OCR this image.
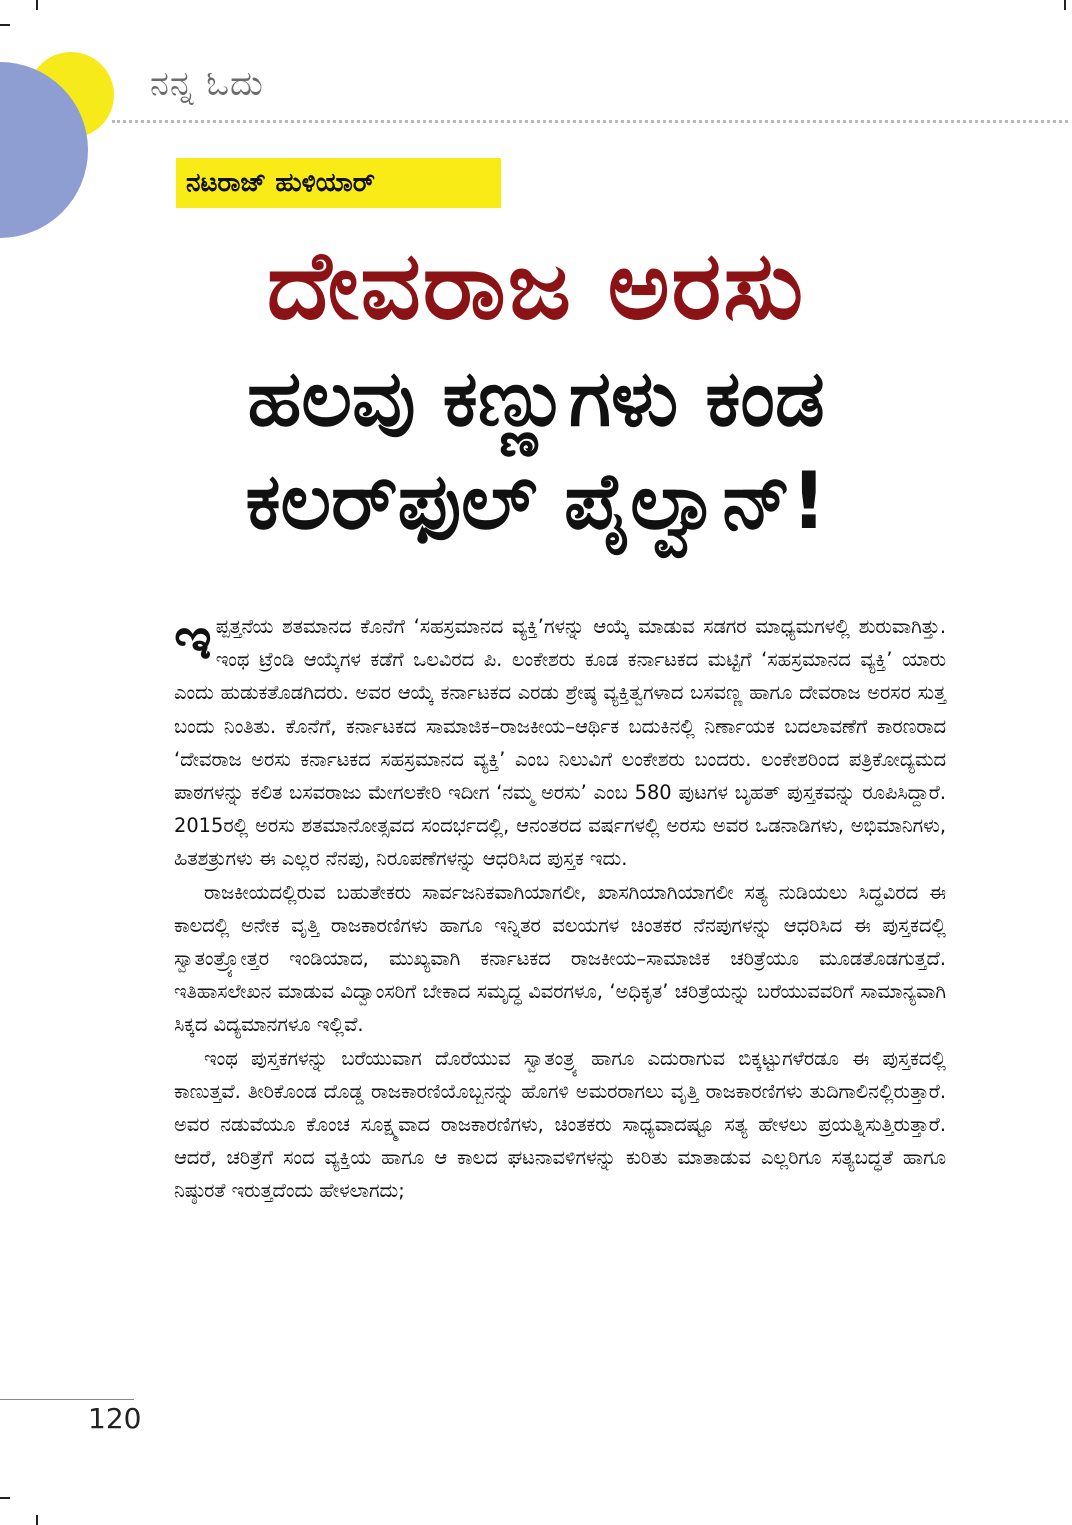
ನನ್ನ ಓದು
ನಟರಾಜ್ ಹುಳಿಯಾರ್
ದೇವರಾಜ ಅರಸು
ಹಲವು ಕಣ್ಣುಗಳು ಕಂಡ
ಕಲರ್‌ಫುಲ್ ಪೈಲ್ವಾನ್!

ಇಪ್ಪತ್ತನೆಯ ಶತಮಾನದ ಕೊನೆಗೆ ‘ಸಹಸ್ರಮಾನದ ವ್ಯಕ್ತಿ’ಗಳನ್ನು ಆಯ್ಕೆ ಮಾಡುವ ಸಡಗರ ಮಾಧ್ಯಮಗಳಲ್ಲಿ ಶುರುವಾಗಿತ್ತು. ಇಂಥ ಟ್ರೆಂಡಿ ಆಯ್ಕೆಗಳ ಕಡೆಗೆ ಒಲವಿರದ ಪಿ. ಲಂಕೇಶರು ಕೂಡ ಕರ್ನಾಟಕದ ಮಟ್ಟಿಗೆ ‘ಸಹಸ್ರಮಾನದ ವ್ಯಕ್ತಿ’ ಯಾರು ಎಂದು ಹುಡುಕತೊಡಗಿದರು. ಅವರ ಆಯ್ಕೆ ಕರ್ನಾಟಕದ ಎರಡು ಶ್ರೇಷ್ಠ ವ್ಯಕ್ತಿತ್ವಗಳಾದ ಬಸವಣ್ಣ ಹಾಗೂ ದೇವರಾಜ ಅರಸರ ಸುತ್ತ ಬಂದು ನಿಂತಿತು. ಕೊನೆಗೆ, ಕರ್ನಾಟಕದ ಸಾಮಾಜಿಕ–ರಾಜಕೀಯ–ಆರ್ಥಿಕ ಬದುಕಿನಲ್ಲಿ ನಿರ್ಣಾಯಕ ಬದಲಾವಣೆಗೆ ಕಾರಣರಾದ ‘ದೇವರಾಜ ಅರಸು ಕರ್ನಾಟಕದ ಸಹಸ್ರಮಾನದ ವ್ಯಕ್ತಿ’ ಎಂಬ ನಿಲುವಿಗೆ ಲಂಕೇಶರು ಬಂದರು. ಲಂಕೇಶರಿಂದ ಪತ್ರಿಕೋದ್ಯಮದ ಪಾಠಗಳನ್ನು ಕಲಿತ ಬಸವರಾಜು ಮೇಗಲಕೇರಿ ಇದೀಗ ‘ನಮ್ಮ ಅರಸು’ ಎಂಬ 580 ಪುಟಗಳ ಬೃಹತ್ ಪುಸ್ತಕವನ್ನು ರೂಪಿಸಿದ್ದಾರೆ. 2015ರಲ್ಲಿ ಅರಸು ಶತಮಾನೋತ್ಸವದ ಸಂದರ್ಭದಲ್ಲಿ, ಆನಂತರದ ವರ್ಷಗಳಲ್ಲಿ ಅರಸು ಅವರ ಒಡನಾಡಿಗಳು, ಅಭಿಮಾನಿಗಳು, ಹಿತಶತ್ರುಗಳು ಈ ಎಲ್ಲರ ನೆನಪು, ನಿರೂಪಣೆಗಳನ್ನು ಆಧರಿಸಿದ ಪುಸ್ತಕ ಇದು.

ರಾಜಕೀಯದಲ್ಲಿರುವ ಬಹುತೇಕರು ಸಾರ್ವಜನಿಕವಾಗಿಯಾಗಲೀ, ಖಾಸಗಿಯಾಗಿಯಾಗಲೀ ಸತ್ಯ ನುಡಿಯಲು ಸಿದ್ಧವಿರದ ಈ ಕಾಲದಲ್ಲಿ ಅನೇಕ ವೃತ್ತಿ ರಾಜಕಾರಣಿಗಳು ಹಾಗೂ ಇನ್ನಿತರ ವಲಯಗಳ ಚಿಂತಕರ ನೆನಪುಗಳನ್ನು ಆಧರಿಸಿದ ಈ ಪುಸ್ತಕದಲ್ಲಿ ಸ್ವಾತಂತ್ರ್ಯೋತ್ತರ ಇಂಡಿಯಾದ, ಮುಖ್ಯವಾಗಿ ಕರ್ನಾಟಕದ ರಾಜಕೀಯ–ಸಾಮಾಜಿಕ ಚರಿತ್ರೆಯೂ ಮೂಡತೊಡಗುತ್ತದೆ. ಇತಿಹಾಸಲೇಖನ ಮಾಡುವ ವಿದ್ವಾಂಸರಿಗೆ ಬೇಕಾದ ಸಮೃದ್ಧ ವಿವರಗಳೂ, ‘ಅಧಿಕೃತ’ ಚರಿತ್ರೆಯನ್ನು ಬರೆಯುವವರಿಗೆ ಸಾಮಾನ್ಯವಾಗಿ ಸಿಕ್ಕದ ವಿದ್ಯಮಾನಗಳೂ ಇಲ್ಲಿವೆ.

ಇಂಥ ಪುಸ್ತಕಗಳನ್ನು ಬರೆಯುವಾಗ ದೊರೆಯುವ ಸ್ವಾತಂತ್ರ್ಯ ಹಾಗೂ ಎದುರಾಗುವ ಬಿಕ್ಕಟ್ಟುಗಳೆರಡೂ ಈ ಪುಸ್ತಕದಲ್ಲಿ ಕಾಣುತ್ತವೆ. ತೀರಿಕೊಂಡ ದೊಡ್ಡ ರಾಜಕಾರಣಿಯೊಬ್ಬನನ್ನು ಹೊಗಳಿ ಅಮರರಾಗಲು ವೃತ್ತಿ ರಾಜಕಾರಣಿಗಳು ತುದಿಗಾಲಿನಲ್ಲಿರುತ್ತಾರೆ. ಅವರ ನಡುವೆಯೂ ಕೊಂಚ ಸೂಕ್ಷ್ಮವಾದ ರಾಜಕಾರಣಿಗಳು, ಚಿಂತಕರು ಸಾಧ್ಯವಾದಷ್ಟೂ ಸತ್ಯ ಹೇಳಲು ಪ್ರಯತ್ನಿಸುತ್ತಿರುತ್ತಾರೆ. ಆದರೆ, ಚರಿತ್ರೆಗೆ ಸಂದ ವ್ಯಕ್ತಿಯ ಹಾಗೂ ಆ ಕಾಲದ ಘಟನಾವಳಿಗಳನ್ನು ಕುರಿತು ಮಾತಾಡುವ ಎಲ್ಲರಿಗೂ ಸತ್ಯಬದ್ಧತೆ ಹಾಗೂ ನಿಷ್ಠುರತೆ ಇರುತ್ತದೆಂದು ಹೇಳಲಾಗದು;

120
